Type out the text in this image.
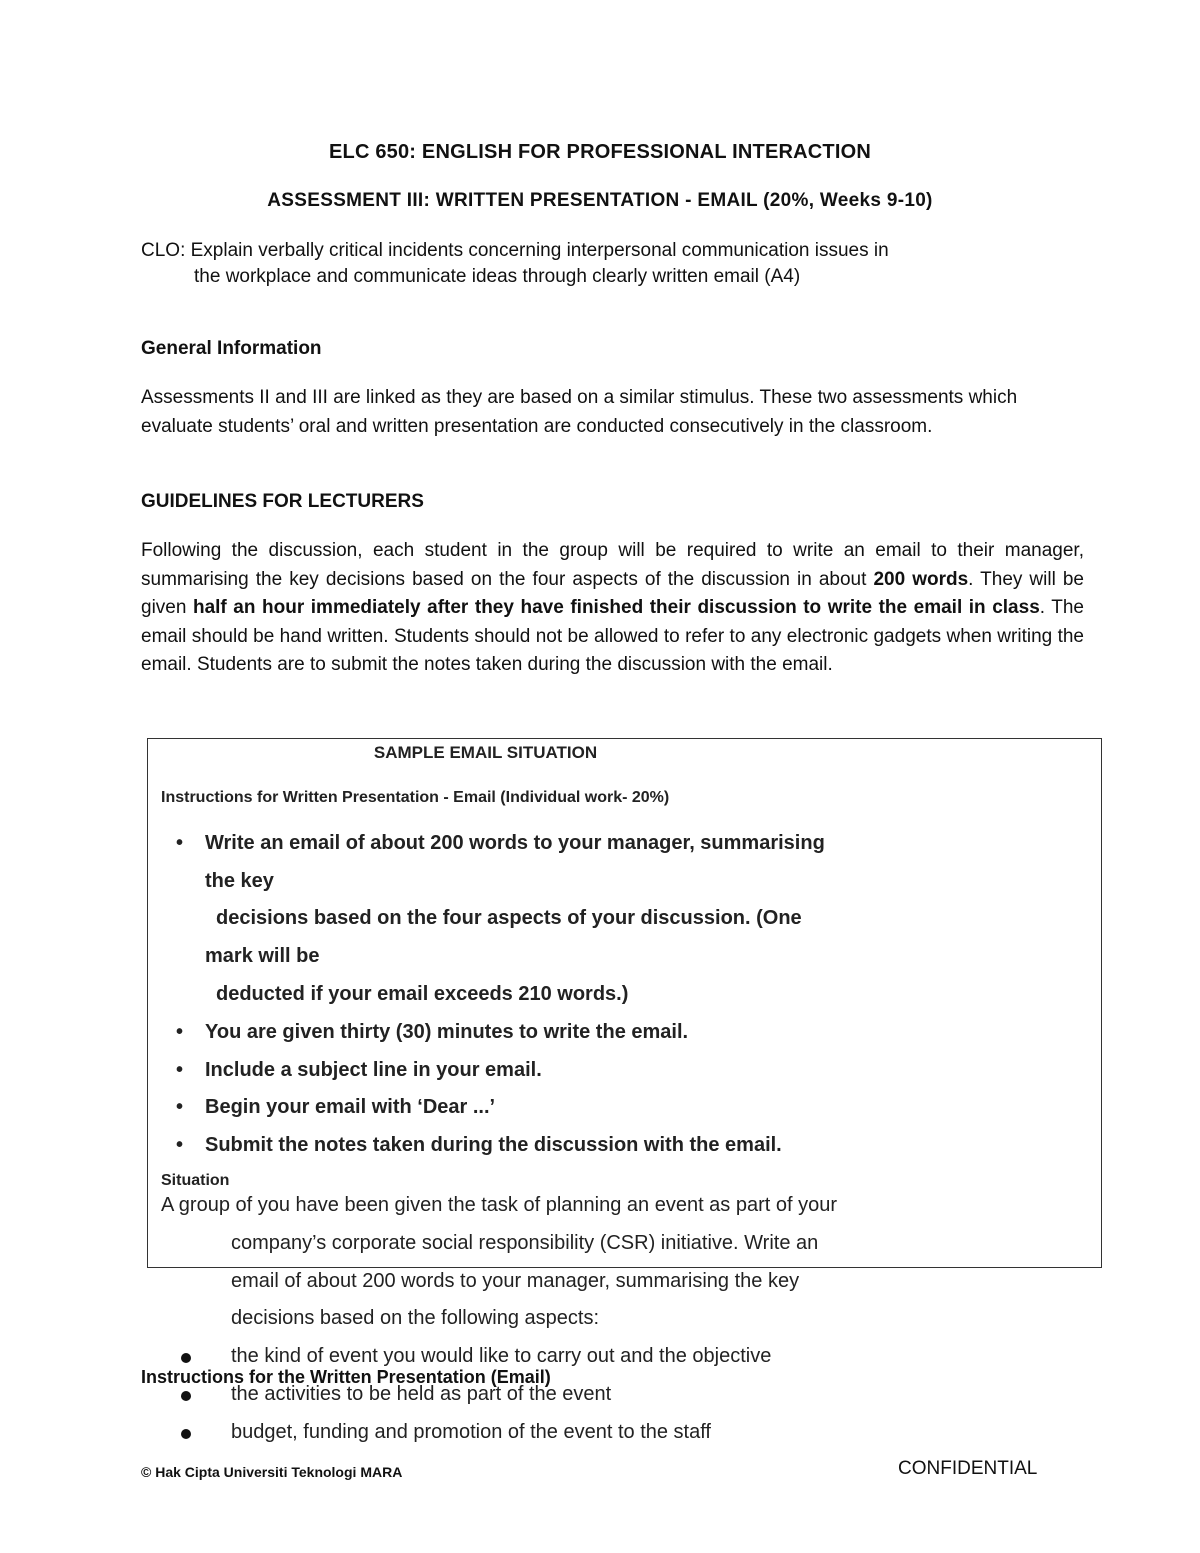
ELC 650: ENGLISH FOR PROFESSIONAL INTERACTION
ASSESSMENT III: WRITTEN PRESENTATION - EMAIL (20%, Weeks 9-10)
CLO: Explain verbally critical incidents concerning interpersonal communication issues in
the workplace and communicate ideas through clearly written email (A4)
General Information

Assessments II and III are linked as they are based on a similar stimulus. These two assessments which evaluate students’ oral and written presentation are conducted consecutively in the classroom.

GUIDELINES FOR LECTURERS

Following the discussion, each student in the group will be required to write an email to their manager, summarising the key decisions based on the four aspects of the discussion in about 200 words. They will be given half an hour immediately after they have finished their discussion to write the email in class. The email should be hand written. Students should not be allowed to refer to any electronic gadgets when writing the email. Students are to submit the notes taken during the discussion with the email.

SAMPLE EMAIL SITUATION
Instructions for Written Presentation - Email (Individual work- 20%)
• Write an email of about 200 words to your manager, summarising
the key
decisions based on the four aspects of your discussion. (One
mark will be
deducted if your email exceeds 210 words.)
• You are given thirty (30) minutes to write the email.
• Include a subject line in your email.
• Begin your email with ‘Dear ...’
• Submit the notes taken during the discussion with the email.
Situation
A group of you have been given the task of planning an event as part of your
company’s corporate social responsibility (CSR) initiative. Write an
email of about 200 words to your manager, summarising the key
decisions based on the following aspects:
the kind of event you would like to carry out and the objective
the activities to be held as part of the event
budget, funding and promotion of the event to the staff
Instructions for the Written Presentation (Email)
© Hak Cipta Universiti Teknologi MARA	CONFIDENTIAL
